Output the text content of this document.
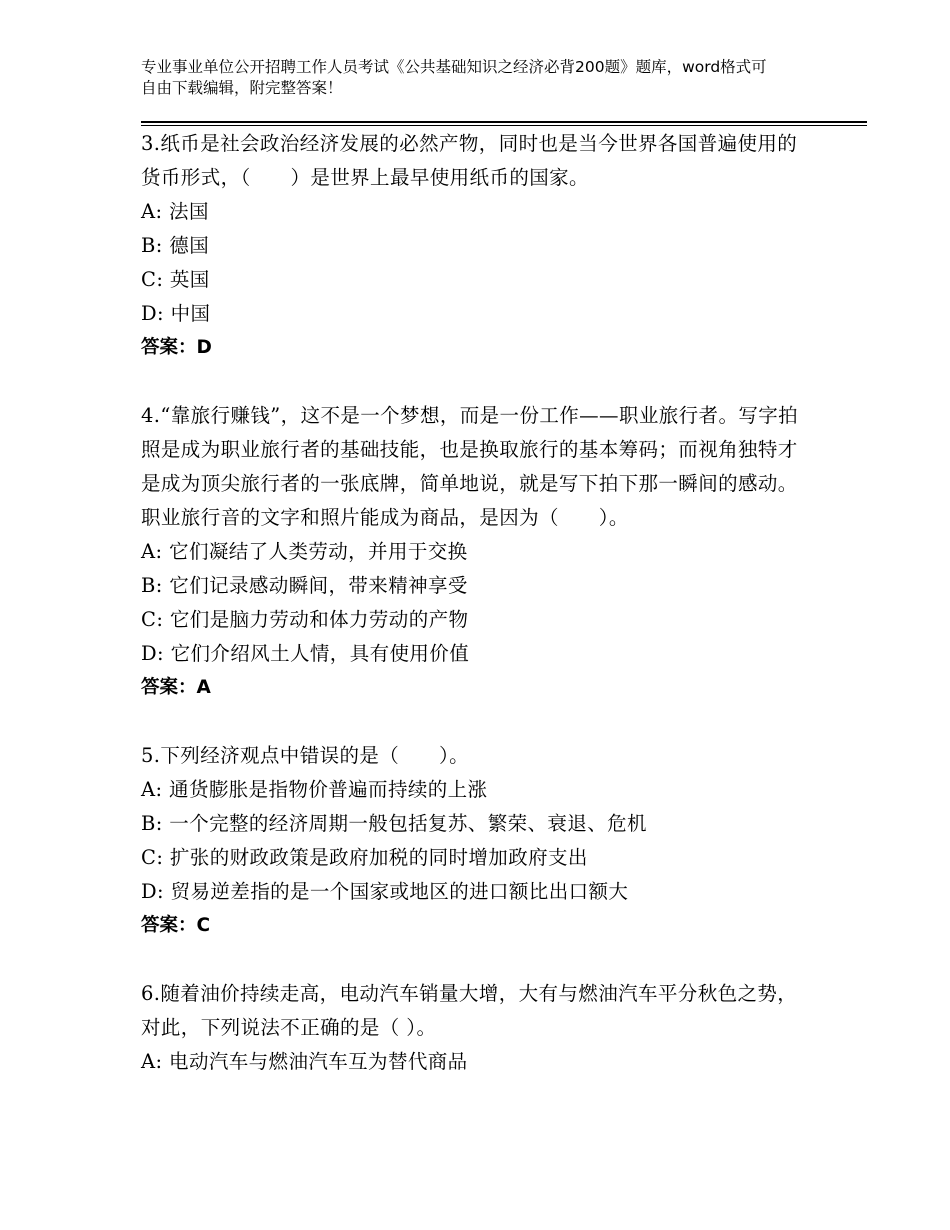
专业事业单位公开招聘工作人员考试《公共基础知识之经济必背200题》题库，word格式可自由下载编辑，附完整答案！
3.纸币是社会政治经济发展的必然产物，同时也是当今世界各国普遍使用的货币形式，（　　）是世界上最早使用纸币的国家。
A: 法国
B: 德国
C: 英国
D: 中国
答案：D
4.“靠旅行赚钱”，这不是一个梦想，而是一份工作——职业旅行者。写字拍照是成为职业旅行者的基础技能，也是换取旅行的基本筹码；而视角独特才是成为顶尖旅行者的一张底牌，简单地说，就是写下拍下那一瞬间的感动。职业旅行音的文字和照片能成为商品，是因为（　　）。
A: 它们凝结了人类劳动，并用于交换
B: 它们记录感动瞬间，带来精神享受
C: 它们是脑力劳动和体力劳动的产物
D: 它们介绍风土人情，具有使用价值
答案：A
5.下列经济观点中错误的是（　　）。
A: 通货膨胀是指物价普遍而持续的上涨
B: 一个完整的经济周期一般包括复苏、繁荣、衰退、危机
C: 扩张的财政政策是政府加税的同时增加政府支出
D: 贸易逆差指的是一个国家或地区的进口额比出口额大
答案：C
6.随着油价持续走高，电动汽车销量大增，大有与燃油汽车平分秋色之势，对此，下列说法不正确的是（ ）。
A: 电动汽车与燃油汽车互为替代商品
